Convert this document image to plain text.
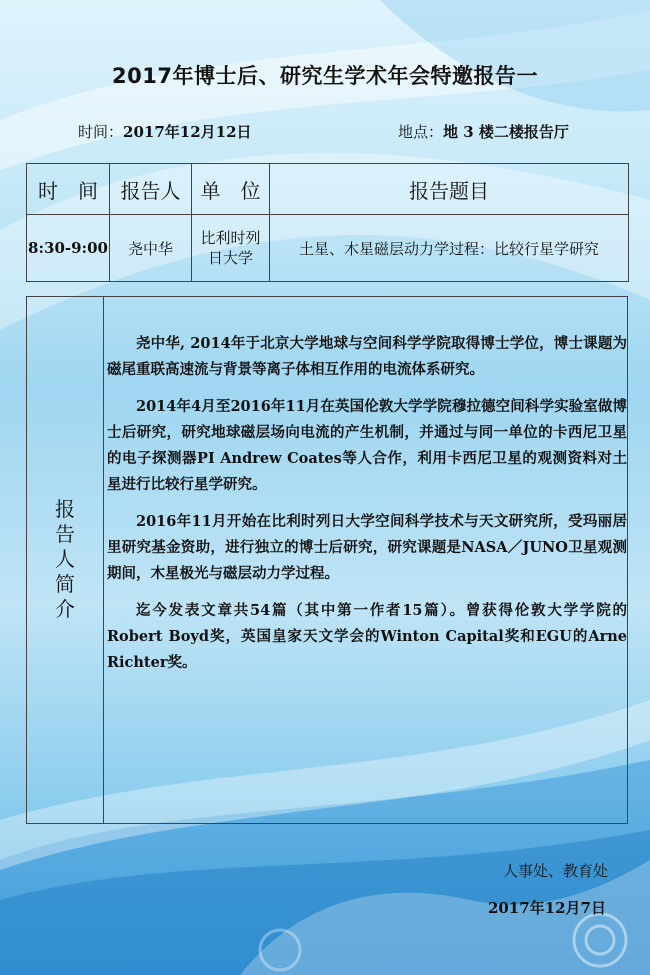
2017年博士后、研究生学术年会特邀报告一
时间：2017年12月12日	地点：地 3 楼二楼报告厅
时　间	报告人	单　位	报告题目
8:30-9:00	尧中华	比利时列日大学	土星、木星磁层动力学过程：比较行星学研究
报告人简介

尧中华, 2014年于北京大学地球与空间科学学院取得博士学位，博士课题为磁尾重联高速流与背景等离子体相互作用的电流体系研究。

2014年4月至2016年11月在英国伦敦大学学院穆拉德空间科学实验室做博士后研究，研究地球磁层场向电流的产生机制，并通过与同一单位的卡西尼卫星的电子探测器PI Andrew Coates等人合作，利用卡西尼卫星的观测资料对土星进行比较行星学研究。

2016年11月开始在比利时列日大学空间科学技术与天文研究所，受玛丽居里研究基金资助，进行独立的博士后研究，研究课题是NASA／JUNO卫星观测期间，木星极光与磁层动力学过程。

迄今发表文章共54篇（其中第一作者15篇）。曾获得伦敦大学学院的Robert Boyd奖，英国皇家天文学会的Winton Capital奖和EGU的Arne Richter奖。

人事处、教育处
2017年12月7日
